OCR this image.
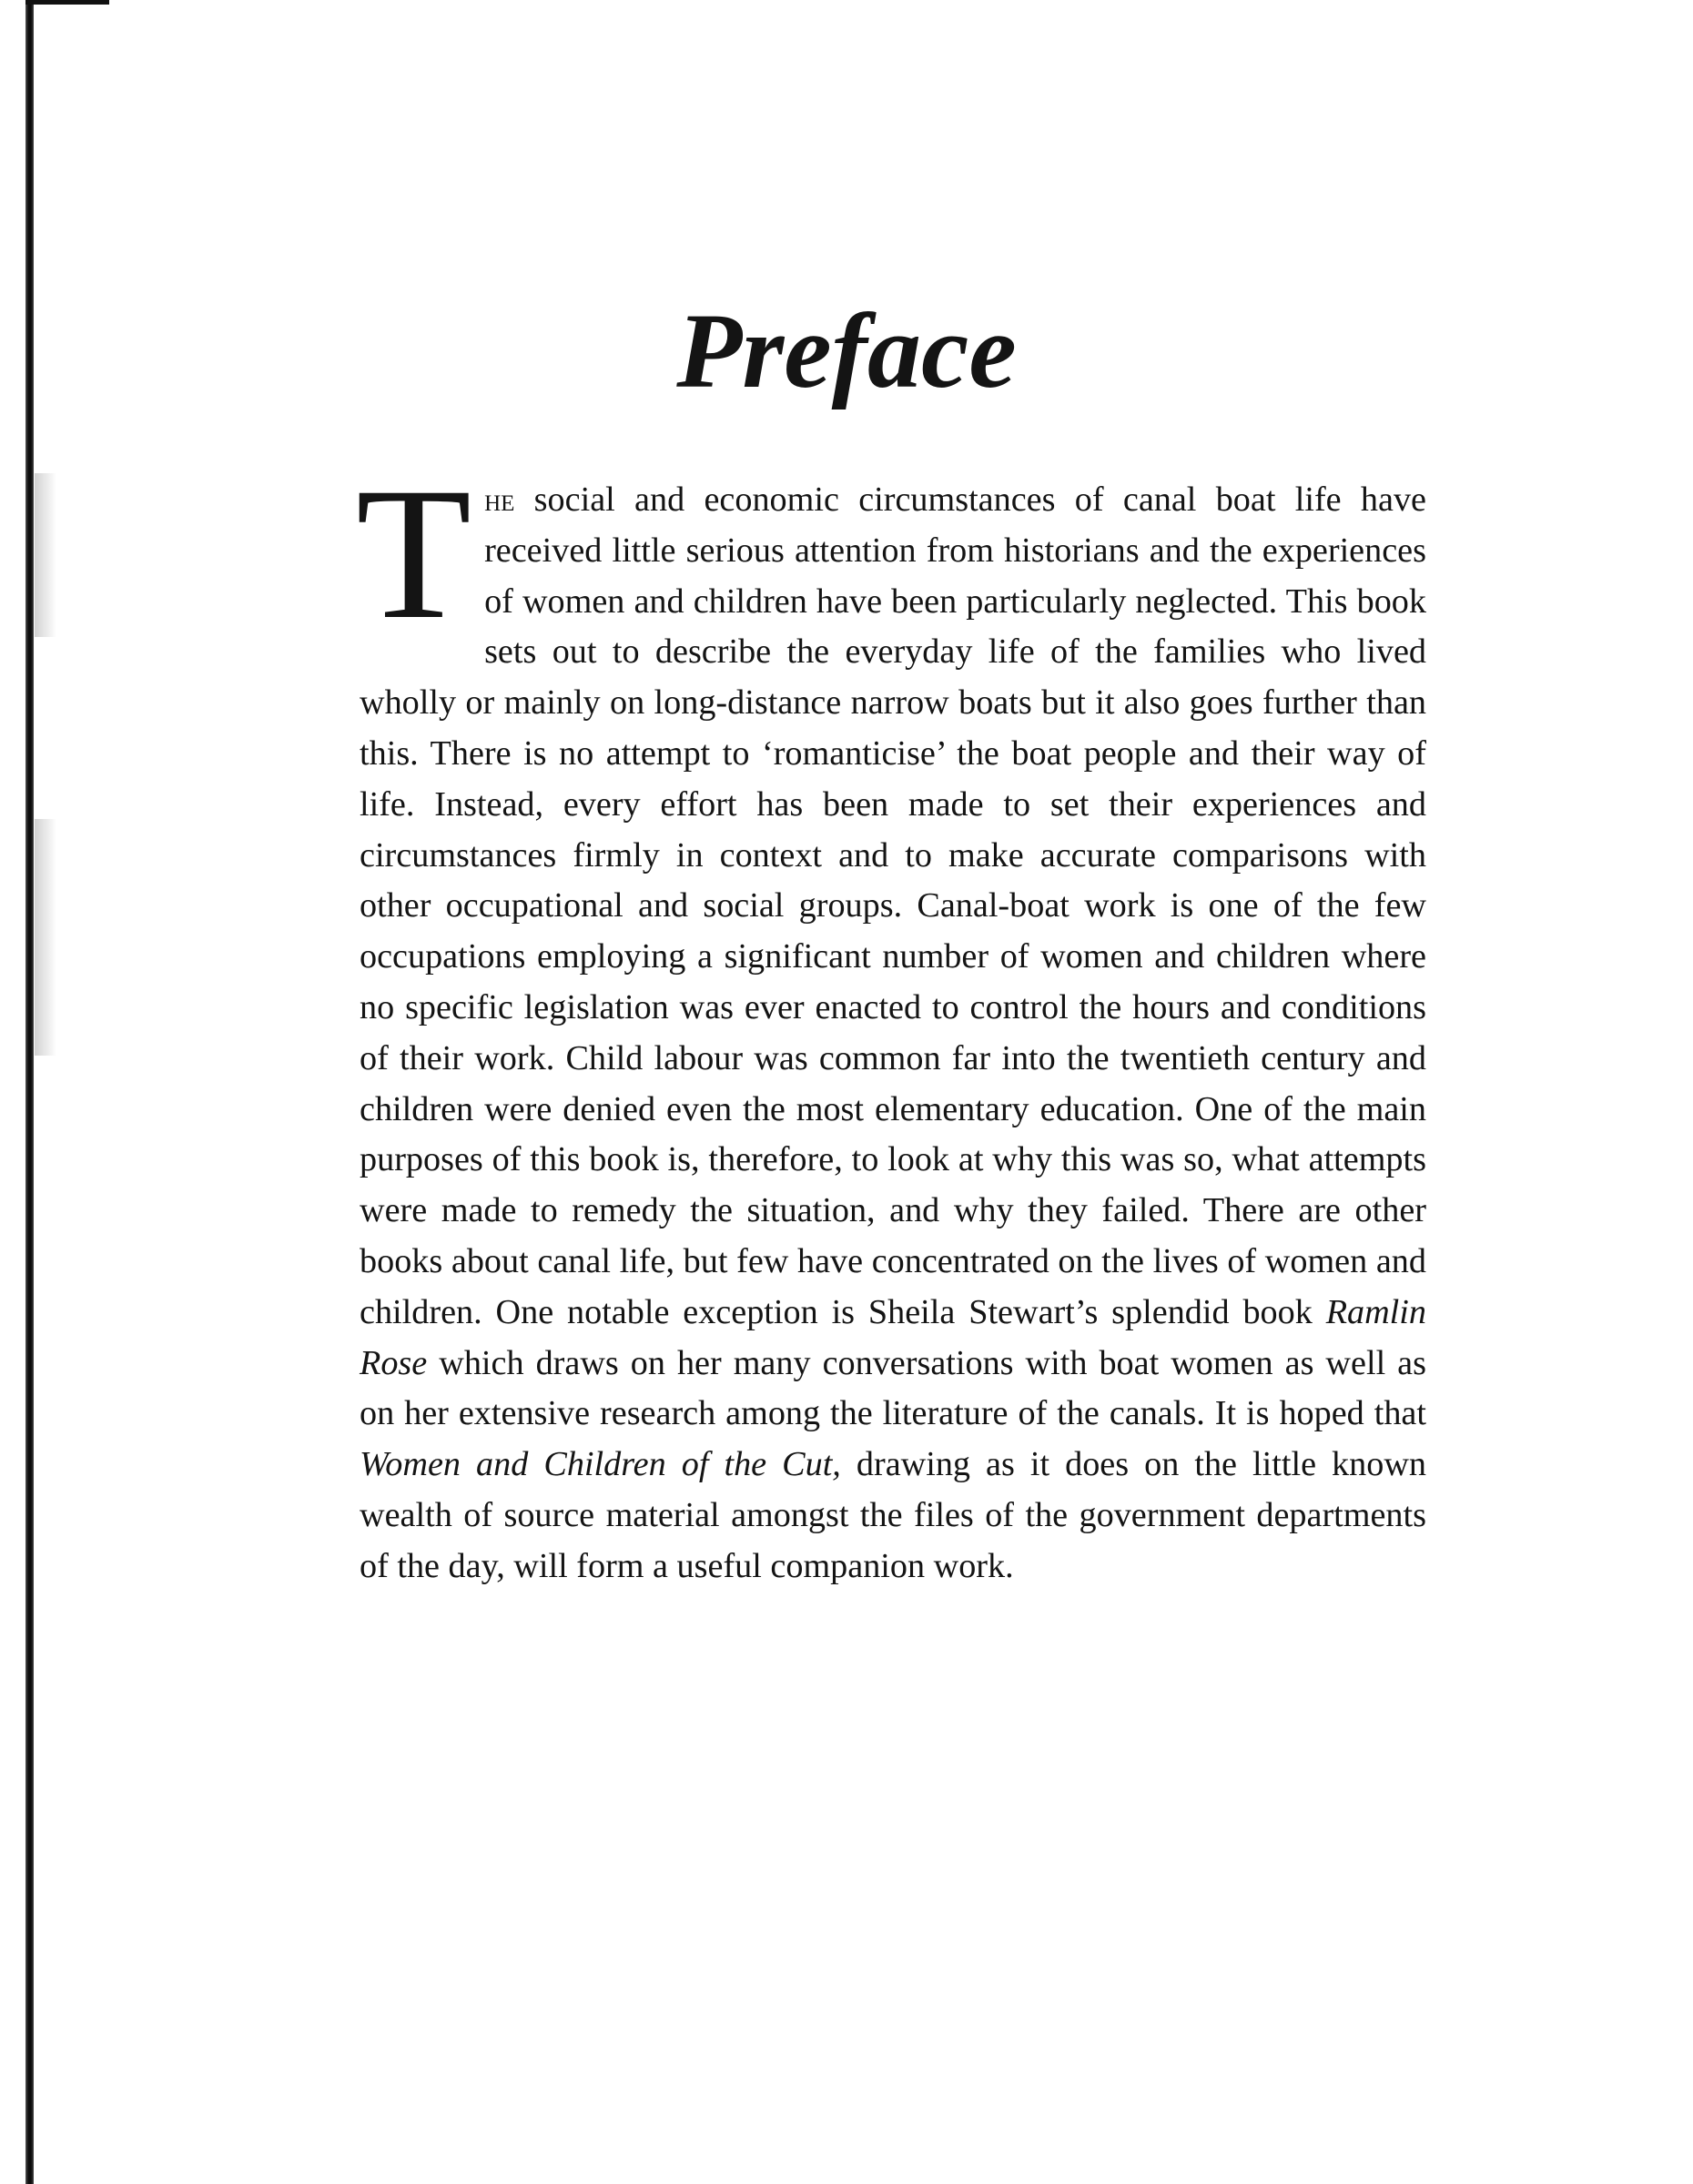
Preface

The social and economic circumstances of canal boat life have received little serious attention from historians and the experiences of women and children have been particularly neglected. This book sets out to describe the everyday life of the families who lived wholly or mainly on long-distance narrow boats but it also goes further than this. There is no attempt to ‘romanticise’ the boat people and their way of life. Instead, every effort has been made to set their experiences and circumstances firmly in context and to make accurate comparisons with other occupational and social groups. Canal-boat work is one of the few occupations employing a significant number of women and children where no specific legislation was ever enacted to control the hours and conditions of their work. Child labour was common far into the twentieth century and children were denied even the most elementary education. One of the main purposes of this book is, therefore, to look at why this was so, what attempts were made to remedy the situation, and why they failed. There are other books about canal life, but few have concentrated on the lives of women and children. One notable exception is Sheila Stewart’s splendid book Ramlin Rose which draws on her many conversations with boat women as well as on her extensive research among the literature of the canals. It is hoped that Women and Children of the Cut, drawing as it does on the little known wealth of source material amongst the files of the government departments of the day, will form a useful companion work.
